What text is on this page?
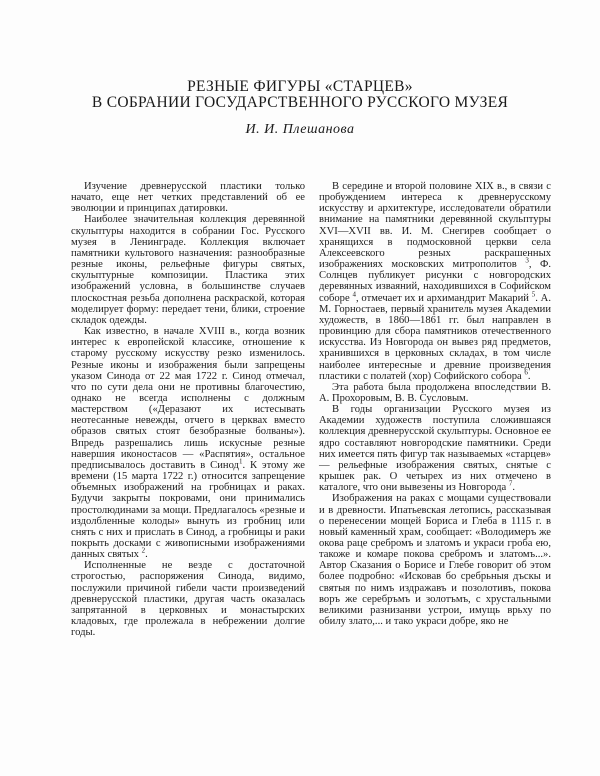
РЕЗНЫЕ ФИГУРЫ «СТАРЦЕВ»
В СОБРАНИИ ГОСУДАРСТВЕННОГО РУССКОГО МУЗЕЯ
И. И. Плешанова

Изучение древнерусской пластики только начато, еще нет четких представлений об ее эволюции и принципах датировки.

Наиболее значительная коллекция деревянной скульптуры находится в собрании Гос. Русского музея в Ленинграде. Коллекция включает памятники культового назначения: разнообразные резные иконы, рельефные фигуры святых, скульптурные композиции. Пластика этих изображений условна, в большинстве случаев плоскостная резьба дополнена раскраской, которая моделирует форму: передает тени, блики, строение складок одежды.

Как известно, в начале XVIII в., когда возник интерес к европейской классике, отношение к старому русскому искусству резко изменилось. Резные иконы и изображения были запрещены указом Синода от 22 мая 1722 г. Синод отмечал, что по сути дела они не противны благочестию, однако не всегда исполнены с должным мастерством («Деразают их истесывать неотесанные невежды, отчего в церквах вместо образов святых стоят безобразные болваны»). Впредь разрешались лишь искусные резные навершия иконостасов — «Распятия», остальное предписывалось доставить в Синод$^1$. К этому же времени (15 марта 1722 г.) относится запрещение объемных изображений на гробницах и раках. Будучи закрыты покровами, они принимались простолюдинами за мощи. Предлагалось «резные и издолбленные колоды» вынуть из гробниц или снять с них и прислать в Синод, а гробницы и раки покрыть досками с живописными изображениями данных святых $^2$.

Исполненные не везде с достаточной строгостью, распоряжения Синода, видимо, послужили причиной гибели части произведений древнерусской пластики, другая часть оказалась запрятанной в церковных и монастырских кладовых, где пролежала в небрежении долгие годы.

В середине и второй половине XIX в., в связи с пробуждением интереса к древнерусскому искусству и архитектуре, исследователи обратили внимание на памятники деревянной скульптуры XVI—XVII вв. И. М. Снегирев сообщает о хранящихся в подмосковной церкви села Алексеевского резных раскрашенных изображениях московских митрополитов $^3$, Ф. Солнцев публикует рисунки с новгородских деревянных изваяний, находившихся в Софийском соборе $^4$, отмечает их и архимандрит Макарий $^5$. А. М. Горностаев, первый хранитель музея Академии художеств, в 1860—1861 гг. был направлен в провинцию для сбора памятников отечественного искусства. Из Новгорода он вывез ряд предметов, хранившихся в церковных складах, в том числе наиболее интересные и древние произведения пластики с полатей (хор) Софийского собора $^6$.

Эта работа была продолжена впоследствии В. А. Прохоровым, В. В. Сусловым.

В годы организации Русского музея из Академии художеств поступила сложившаяся коллекция древнерусской скульптуры. Основное ее ядро составляют новгородские памятники. Среди них имеется пять фигур так называемых «старцев» — рельефные изображения святых, снятые с крышек рак. О четырех из них отмечено в каталоге, что они вывезены из Новгорода $^7$.

Изображения на раках с мощами существовали и в древности. Ипатьевская летопись, рассказывая о перенесении мощей Бориса и Глеба в 1115 г. в новый каменный храм, сообщает: «Володимеръ же окова раце сребромъ и златомъ и украси гроба ею, такоже и комаре покова сребромъ и златомъ...». Автор Сказания о Борисе и Глебе говорит об этом более подробно: «Исковав бо сребрьныя дъскы и святыя по нимъ издражавъ и позолотивъ, покова воръ же серебръмъ и золотъмъ, с хрустальными великими разнизанви устрои, имущь врьху по обилу злато,... и тако украси добре, яко не
